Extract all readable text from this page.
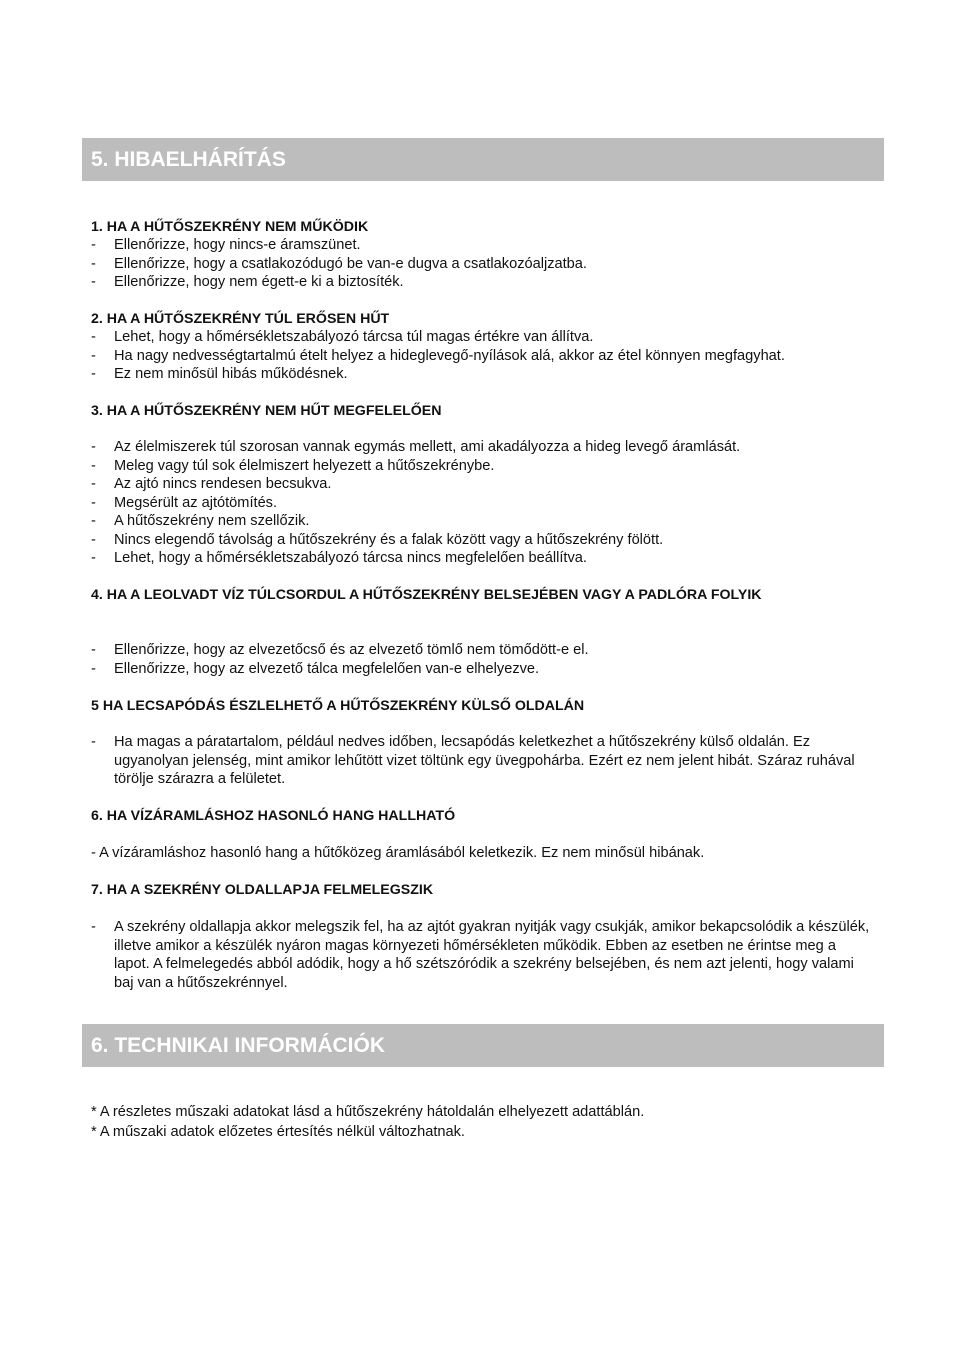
5. HIBAELHÁRÍTÁS
1. HA A HŰTŐSZEKRÉNY NEM MŰKÖDIK
- Ellenőrizze, hogy nincs-e áramszünet.
- Ellenőrizze, hogy a csatlakozódugó be van-e dugva a csatlakozóaljzatba.
- Ellenőrizze, hogy nem égett-e ki a biztosíték.
2. HA A HŰTŐSZEKRÉNY TÚL ERŐSEN HŰT
- Lehet, hogy a hőmérsékletszabályozó tárcsa túl magas értékre van állítva.
- Ha nagy nedvességtartalmú ételt helyez a hideglevegő-nyílások alá, akkor az étel könnyen megfagyhat.
- Ez nem minősül hibás működésnek.
3. HA A HŰTŐSZEKRÉNY NEM HŰT MEGFELELŐEN
- Az élelmiszerek túl szorosan vannak egymás mellett, ami akadályozza a hideg levegő áramlását.
- Meleg vagy túl sok élelmiszert helyezett a hűtőszekrénybe.
- Az ajtó nincs rendesen becsukva.
- Megsérült az ajtótömítés.
- A hűtőszekrény nem szellőzik.
- Nincs elegendő távolság a hűtőszekrény és a falak között vagy a hűtőszekrény fölött.
- Lehet, hogy a hőmérsékletszabályozó tárcsa nincs megfelelően beállítva.
4. HA A LEOLVADT VÍZ TÚLCSORDUL A HŰTŐSZEKRÉNY BELSEJÉBEN VAGY A PADLÓRA FOLYIK
- Ellenőrizze, hogy az elvezetőcső és az elvezető tömlő nem tömődött-e el.
- Ellenőrizze, hogy az elvezető tálca megfelelően van-e elhelyezve.
5 HA LECSAPÓDÁS ÉSZLELHETŐ A HŰTŐSZEKRÉNY KÜLSŐ OLDALÁN
- Ha magas a páratartalom, például nedves időben, lecsapódás keletkezhet a hűtőszekrény külső oldalán. Ez ugyanolyan jelenség, mint amikor lehűtött vizet töltünk egy üvegpohárba. Ezért ez nem jelent hibát. Száraz ruhával törölje szárazra a felületet.
6. HA VÍZÁRAMLÁSHOZ HASONLÓ HANG HALLHATÓ
- A vízáramláshoz hasonló hang a hűtőközeg áramlásából keletkezik. Ez nem minősül hibának.
7. HA A SZEKRÉNY OLDALLAPJA FELMELEGSZIK
- A szekrény oldallapja akkor melegszik fel, ha az ajtót gyakran nyitják vagy csukják, amikor bekapcsolódik a készülék, illetve amikor a készülék nyáron magas környezeti hőmérsékleten működik. Ebben az esetben ne érintse meg a lapot. A felmelegedés abból adódik, hogy a hő szétszóródik a szekrény belsejében, és nem azt jelenti, hogy valami baj van a hűtőszekrénnyel.
6. TECHNIKAI INFORMÁCIÓK
* A részletes műszaki adatokat lásd a hűtőszekrény hátoldalán elhelyezett adattáblán.
* A műszaki adatok előzetes értesítés nélkül változhatnak.
